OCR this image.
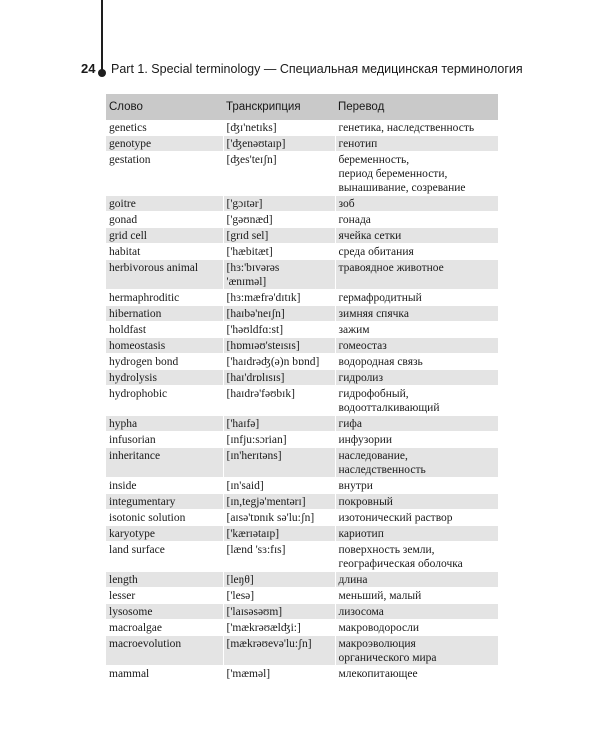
24 Part 1. Special terminology — Специальная медицинская терминология
Слово	Транскрипция	Перевод
genetics	[ʤɪ'netɪks]	генетика, наследственность
genotype	['ʤenəʊtaɪp]	генотип
gestation	[ʤes'teɪʃn]	беременность,
период беременности,
вынашивание, созревание
goitre	['gɔɪtər]	зоб
gonad	['gəʊnæd]	гонада
grid cell	[grɪd sel]	ячейка сетки
habitat	['hæbitæt]	среда обитания
herbivorous animal	[hɜ:'bɪvərəs
'ænɪməl]	травоядное животное
hermaphroditic	[hɜ:mæfrə'dɪtɪk]	гермафродитный
hibernation	[haɪbə'neɪʃn]	зимняя спячка
holdfast	['həʊldfɑ:st]	зажим
homeostasis	[hɒmɪəʊ'steɪsɪs]	гомеостаз
hydrogen bond	['haɪdrəʤ(ə)n bɒnd]	водородная связь
hydrolysis	[haɪ'drɒlɪsɪs]	гидролиз
hydrophobic	[haɪdrə'fəʊbɪk]	гидрофобный,
водоотталкивающий
hypha	['haɪfə]	гифа
infusorian	[ɪnfju:sɔrian]	инфузории
inheritance	[ɪn'herɪtəns]	наследование,
наследственность
inside	[ɪn'said]	внутри
integumentary	[ɪn,tegjə'mentərɪ]	покровный
isotonic solution	[aɪsə'tɒnɪk sə'lu:ʃn]	изотонический раствор
karyotype	['kærɪətaɪp]	кариотип
land surface	[lænd 'sɜ:fɪs]	поверхность земли,
географическая оболочка
length	[leŋθ]	длина
lesser	['lesə]	меньший, малый
lysosome	['laɪsəsəʊm]	лизосома
macroalgae	['mækrəʊælʤi:]	макроводоросли
macroevolution	[mækrəʊevə'lu:ʃn]	макроэволюция
органического мира
mammal	['mæməl]	млекопитающее
